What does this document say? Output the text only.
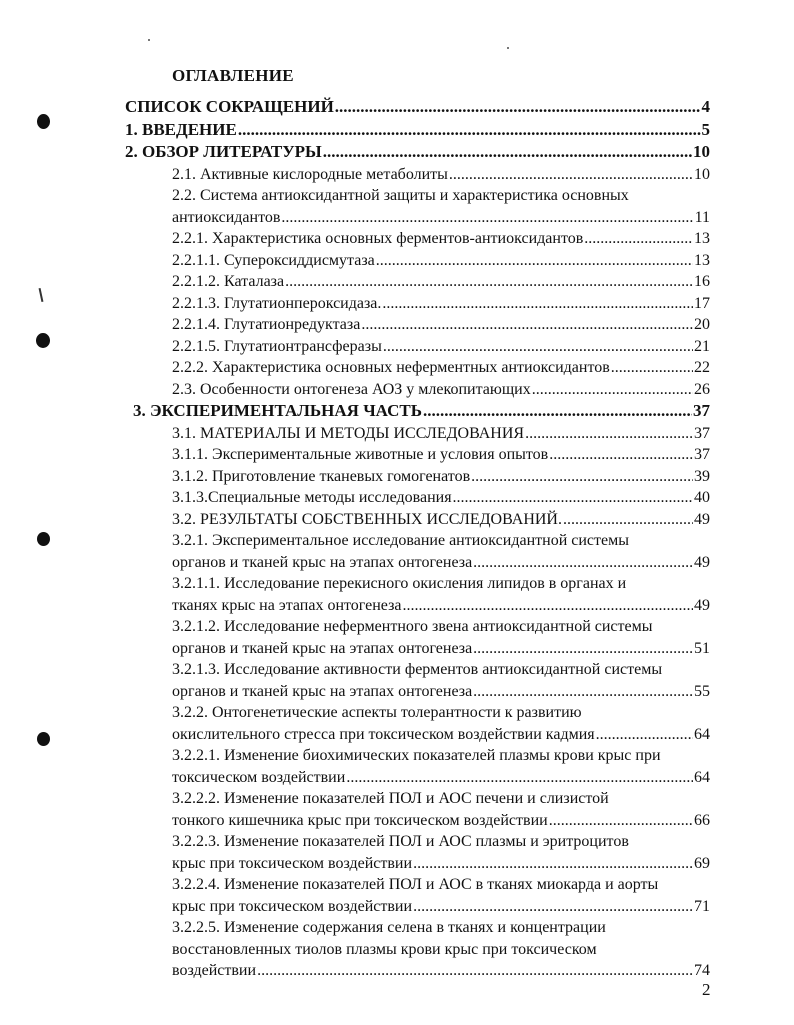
ОГЛАВЛЕНИЕ
СПИСОК СОКРАЩЕНИЙ .....	4
1. ВВЕДЕНИЕ .....	5
2. ОБЗОР ЛИТЕРАТУРЫ .....	10
2.1. Активные кислородные метаболиты .....	10
2.2. Система антиоксидантной защиты и характеристика основных
антиоксидантов .....	11
2.2.1. Характеристика основных ферментов-антиоксидантов .....	13
2.2.1.1. Супероксиддисмутаза .....	13
2.2.1.2. Каталаза .....	16
2.2.1.3. Глутатионпероксидаза. .....	17
2.2.1.4. Глутатионредуктаза .....	20
2.2.1.5. Глутатионтрансферазы .....	21
2.2.2. Характеристика основных неферментных антиоксидантов .....	22
2.3. Особенности онтогенеза АОЗ у млекопитающих .....	26
3. ЭКСПЕРИМЕНТАЛЬНАЯ ЧАСТЬ .....	37
3.1. МАТЕРИАЛЫ И МЕТОДЫ ИССЛЕДОВАНИЯ .....	37
3.1.1. Экспериментальные животные и условия опытов .....	37
3.1.2. Приготовление тканевых гомогенатов .....	39
3.1.3.Специальные методы исследования .....	40
3.2. РЕЗУЛЬТАТЫ СОБСТВЕННЫХ ИССЛЕДОВАНИЙ. .....	49
3.2.1. Экспериментальное исследование антиоксидантной системы
органов и тканей крыс на этапах онтогенеза .....	49
3.2.1.1. Исследование перекисного окисления липидов в органах и
тканях крыс на этапах онтогенеза .....	49
3.2.1.2. Исследование неферментного звена антиоксидантной системы
органов и тканей крыс на этапах онтогенеза .....	51
3.2.1.3. Исследование активности ферментов антиоксидантной системы
органов и тканей крыс на этапах онтогенеза .....	55
3.2.2. Онтогенетические аспекты толерантности к развитию
окислительного стресса при токсическом воздействии кадмия .....	64
3.2.2.1. Изменение биохимических показателей плазмы крови крыс при
токсическом воздействии .....	64
3.2.2.2. Изменение показателей ПОЛ и АОС печени и слизистой
тонкого кишечника крыс при токсическом воздействии .....	66
3.2.2.3. Изменение показателей ПОЛ и АОС плазмы и эритроцитов
крыс при токсическом воздействии .....	69
3.2.2.4. Изменение показателей ПОЛ и АОС в тканях миокарда и аорты
крыс при токсическом воздействии .....	71
3.2.2.5. Изменение содержания селена в тканях и концентрации
восстановленных тиолов плазмы крови крыс при токсическом
воздействии .....	74
2
